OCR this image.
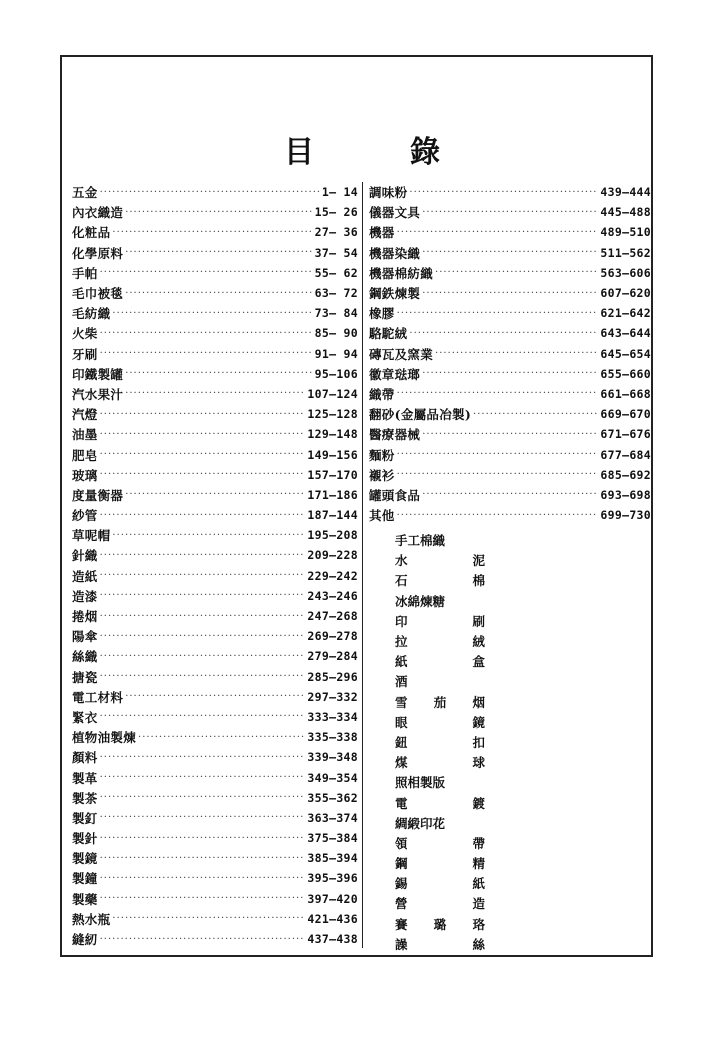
目	錄
五金 ·····	1— 14
內衣織造 ·····	15— 26
化粧品 ·····	27— 36
化學原料 ·····	37— 54
手帕 ·····	55— 62
毛巾被毯 ·····	63— 72
毛紡織 ·····	73— 84
火柴 ·····	85— 90
牙刷 ·····	91— 94
印鐵製罐 ·····	95—106
汽水果汁 ·····	107—124
汽燈 ·····	125—128
油墨 ·····	129—148
肥皂 ·····	149—156
玻璃 ·····	157—170
度量衡器 ·····	171—186
紗管 ·····	187—144
草呢帽 ·····	195—208
針織 ·····	209—228
造紙 ·····	229—242
造漆 ·····	243—246
捲烟 ·····	247—268
陽傘 ·····	269—278
絲織 ·····	279—284
搪瓷 ·····	285—296
電工材料 ·····	297—332
緊衣 ·····	333—334
植物油製煉 ·····	335—338
顏料 ·····	339—348
製革 ·····	349—354
製茶 ·····	355—362
製釘 ·····	363—374
製針 ·····	375—384
製鏡 ·····	385—394
製鐘 ·····	395—396
製藥 ·····	397—420
熱水瓶 ·····	421—436
縫紉 ·····	437—438
調味粉 ·····	439—444
儀器文具 ·····	445—488
機器 ·····	489—510
機器染織 ·····	511—562
機器棉紡織 ·····	563—606
鋼鉄煉製 ·····	607—620
橡膠 ·····	621—642
駱駝絨 ·····	643—644
磚瓦及窯業 ·····	645—654
徽章琺瑯 ·····	655—660
織帶 ·····	661—668
翻砂(金屬品冶製) ·····	669—670
醫療器械 ·····	671—676
麵粉 ·····	677—684
襯衫 ·····	685—692
罐頭食品 ·····	693—698
其他 ·····	699—730
手工棉織
水	泥
石	棉
冰綿煉糖
印	刷
拉	絨
紙	盒
酒
雪 茄 烟
眼	鏡
鈕	扣
煤	球
照相製版
電	鍍
綢緞印花
領	帶
鋼	精
錫	紙
營	造
賽 璐 珞
譟	絲
